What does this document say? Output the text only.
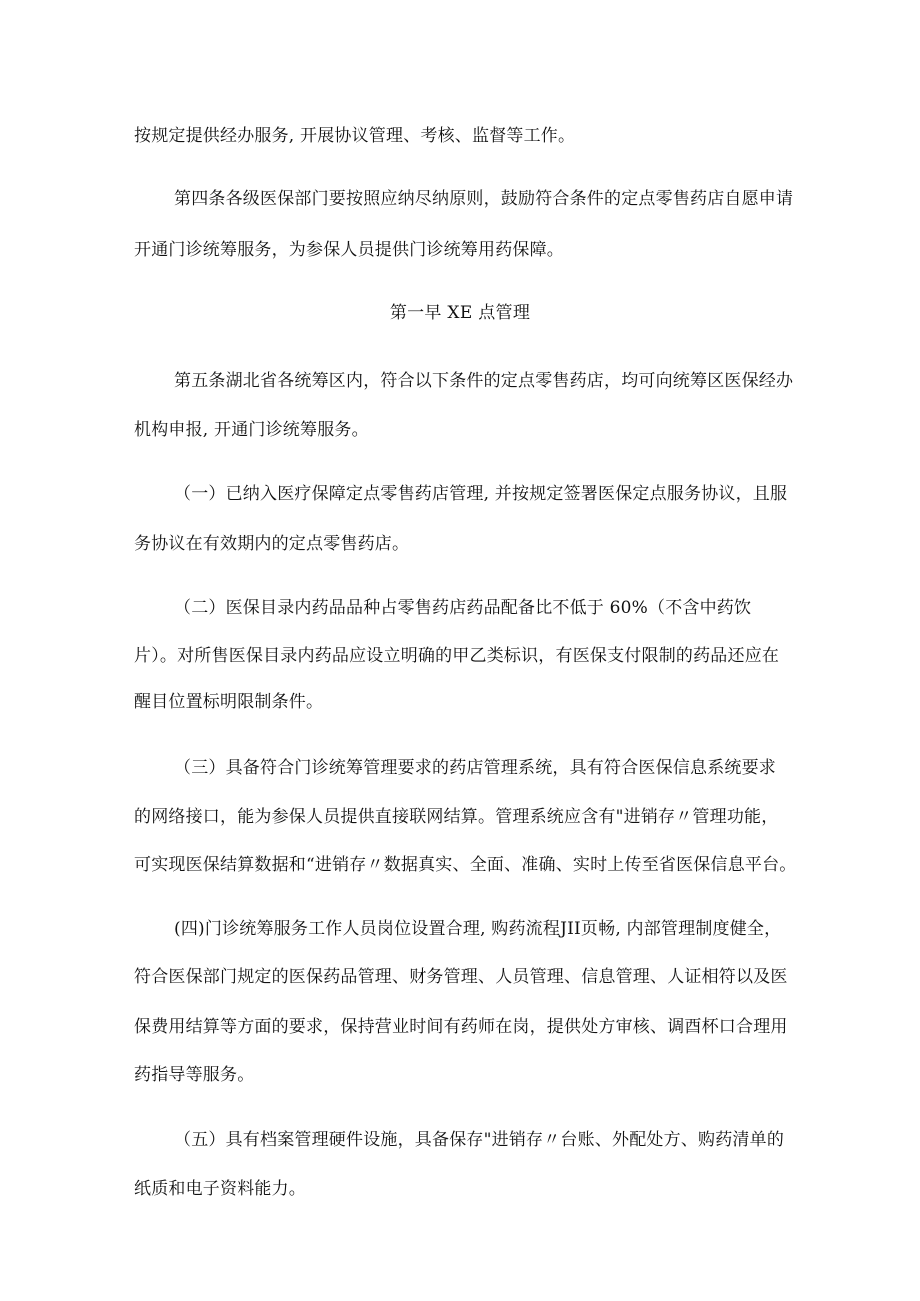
按规定提供经办服务, 开展协议管理、考核、监督等工作。
第四条各级医保部门要按照应纳尽纳原则，鼓励符合条件的定点零售药店自愿申请
开通门诊统筹服务，为参保人员提供门诊统筹用药保障。
第一早 XE 点管理
第五条湖北省各统筹区内，符合以下条件的定点零售药店，均可向统筹区医保经办
机构申报, 开通门诊统筹服务。
（一）已纳入医疗保障定点零售药店管理, 并按规定签署医保定点服务协议，且服
务协议在有效期内的定点零售药店。
（二）医保目录内药品品种占零售药店药品配备比不低于 60%（不含中药饮
片）。对所售医保目录内药品应设立明确的甲乙类标识，有医保支付限制的药品还应在
醒目位置标明限制条件。
（三）具备符合门诊统筹管理要求的药店管理系统，具有符合医保信息系统要求
的网络接口，能为参保人员提供直接联网结算。管理系统应含有"进销存〃管理功能，
可实现医保结算数据和“进销存〃数据真实、全面、准确、实时上传至省医保信息平台。
(四)门诊统筹服务工作人员岗位设置合理, 购药流程JII页畅, 内部管理制度健全，
符合医保部门规定的医保药品管理、财务管理、人员管理、信息管理、人证相符以及医
保费用结算等方面的要求，保持营业时间有药师在岗，提供处方审核、调酉杯口合理用
药指导等服务。
（五）具有档案管理硬件设施，具备保存"进销存〃台账、外配处方、购药清单的
纸质和电子资料能力。
